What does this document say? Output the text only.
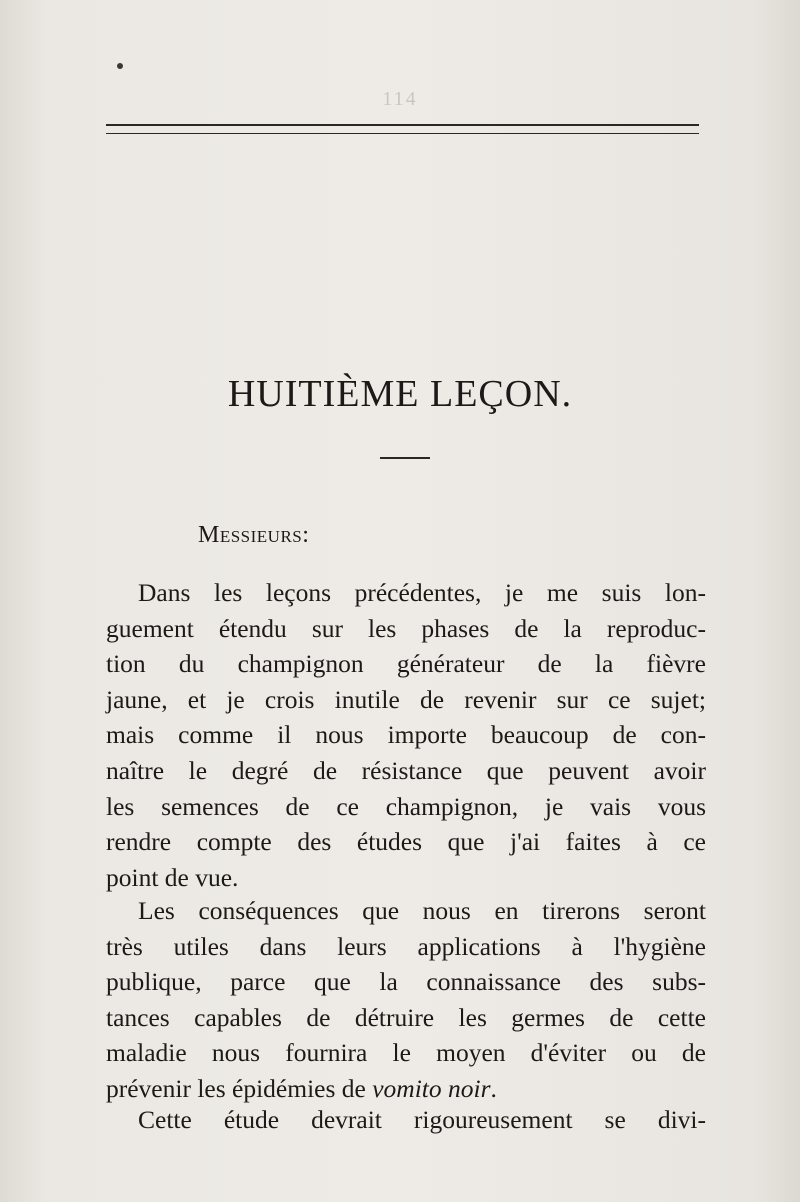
114
HUITIÈME LEÇON.
Messieurs:
Dans les leçons précédentes, je me suis lon-
guement étendu sur les phases de la reproduc-
tion du champignon générateur de la fièvre
jaune, et je crois inutile de revenir sur ce sujet;
mais comme il nous importe beaucoup de con-
naître le degré de résistance que peuvent avoir
les semences de ce champignon, je vais vous
rendre compte des études que j'ai faites à ce
point de vue.
Les conséquences que nous en tirerons seront
très utiles dans leurs applications à l'hygiène
publique, parce que la connaissance des subs-
tances capables de détruire les germes de cette
maladie nous fournira le moyen d'éviter ou de
prévenir les épidémies de vomito noir.
Cette étude devrait rigoureusement se divi-
